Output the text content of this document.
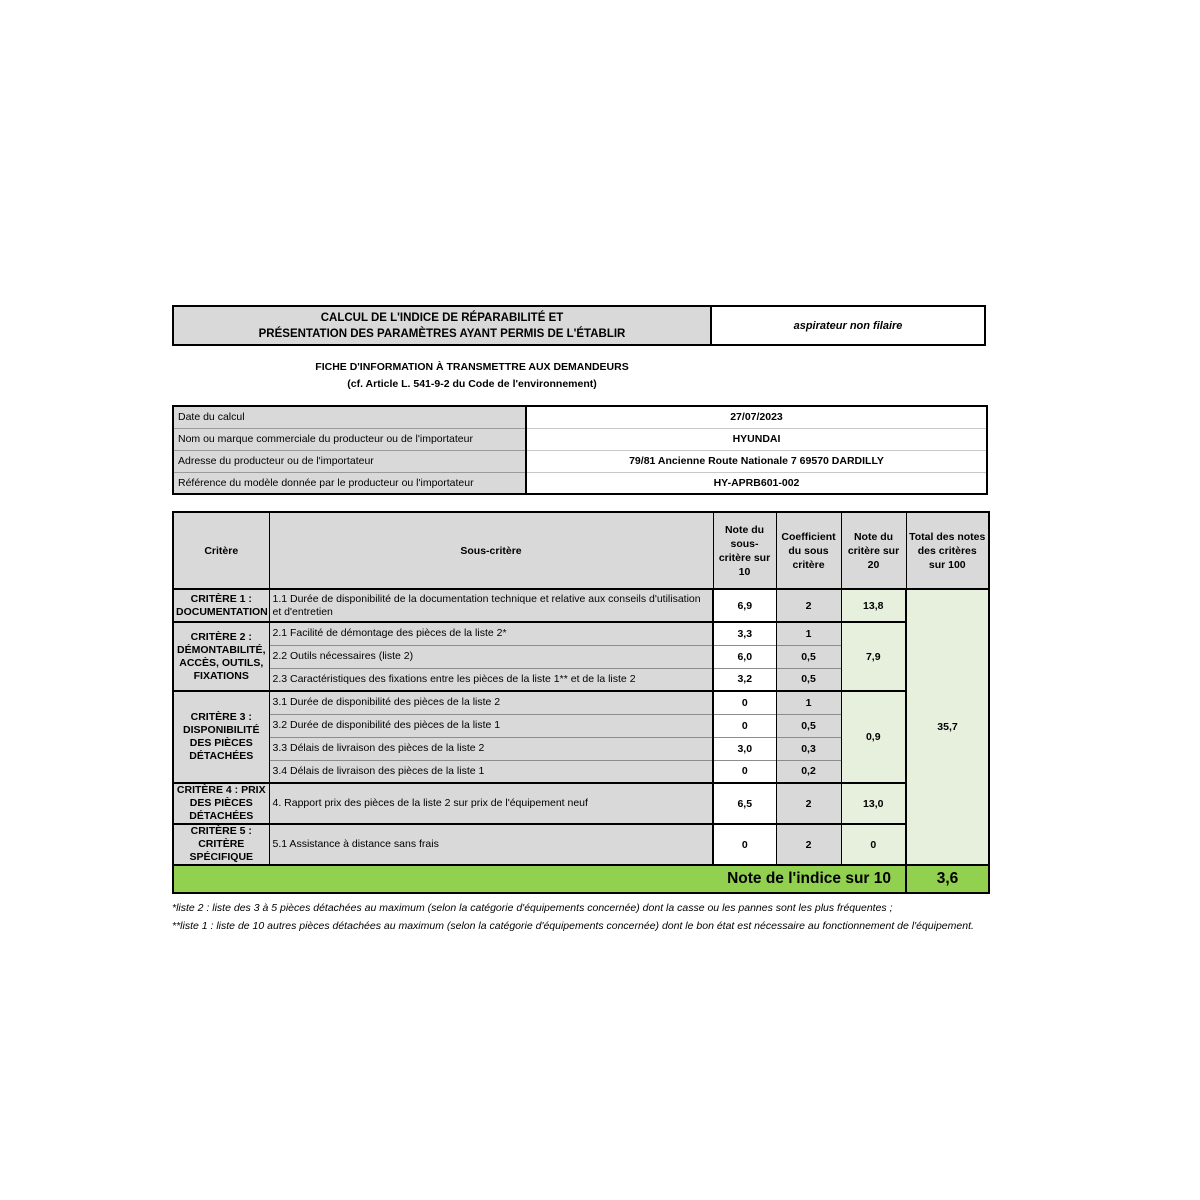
CALCUL DE L'INDICE DE RÉPARABILITÉ ET
PRÉSENTATION DES PARAMÈTRES AYANT PERMIS DE L'ÉTABLIR
aspirateur non filaire
FICHE D'INFORMATION À TRANSMETTRE AUX DEMANDEURS
(cf. Article L. 541-9-2 du Code de l'environnement)
Date du calcul	27/07/2023
Nom ou marque commerciale du producteur ou de l'importateur	HYUNDAI
Adresse du producteur ou de l'importateur	79/81 Ancienne Route Nationale 7 69570 DARDILLY
Référence du modèle donnée par le producteur ou l'importateur	HY-APRB601-002
Critère	Sous-critère	Note du sous-critère sur 10	Coefficient du sous critère	Note du critère sur 20	Total des notes des critères sur 100
CRITÈRE 1 : DOCUMENTATION	1.1 Durée de disponibilité de la documentation technique et relative aux conseils d'utilisation et d'entretien	6,9	2	13,8	35,7
CRITÈRE 2 : DÉMONTABILITÉ, ACCÈS, OUTILS, FIXATIONS	2.1 Facilité de démontage des pièces de la liste 2*	3,3	1	7,9	
	2.2 Outils nécessaires (liste 2)	6,0	0,5		
	2.3 Caractéristiques des fixations entre les pièces de la liste 1** et de la liste 2	3,2	0,5		
CRITÈRE 3 : DISPONIBILITÉ DES PIÈCES DÉTACHÉES	3.1 Durée de disponibilité des pièces de la liste 2	0	1	0,9	
	3.2 Durée de disponibilité des pièces de la liste 1	0	0,5		
	3.3 Délais de livraison des pièces de la liste 2	3,0	0,3		
	3.4 Délais de livraison des pièces de la liste 1	0	0,2		
CRITÈRE 4 : PRIX DES PIÈCES DÉTACHÉES	4. Rapport prix des pièces de la liste 2 sur prix de l'équipement neuf	6,5	2	13,0	
CRITÈRE 5 : CRITÈRE SPÉCIFIQUE	5.1 Assistance à distance sans frais	0	2	0	
Note de l'indice sur 10					3,6
*liste 2 : liste des 3 à 5 pièces détachées au maximum (selon la catégorie d'équipements concernée) dont la casse ou les pannes sont les plus fréquentes ;
**liste 1 : liste de 10 autres pièces détachées au maximum (selon la catégorie d'équipements concernée) dont le bon état est nécessaire au fonctionnement de l'équipement.
